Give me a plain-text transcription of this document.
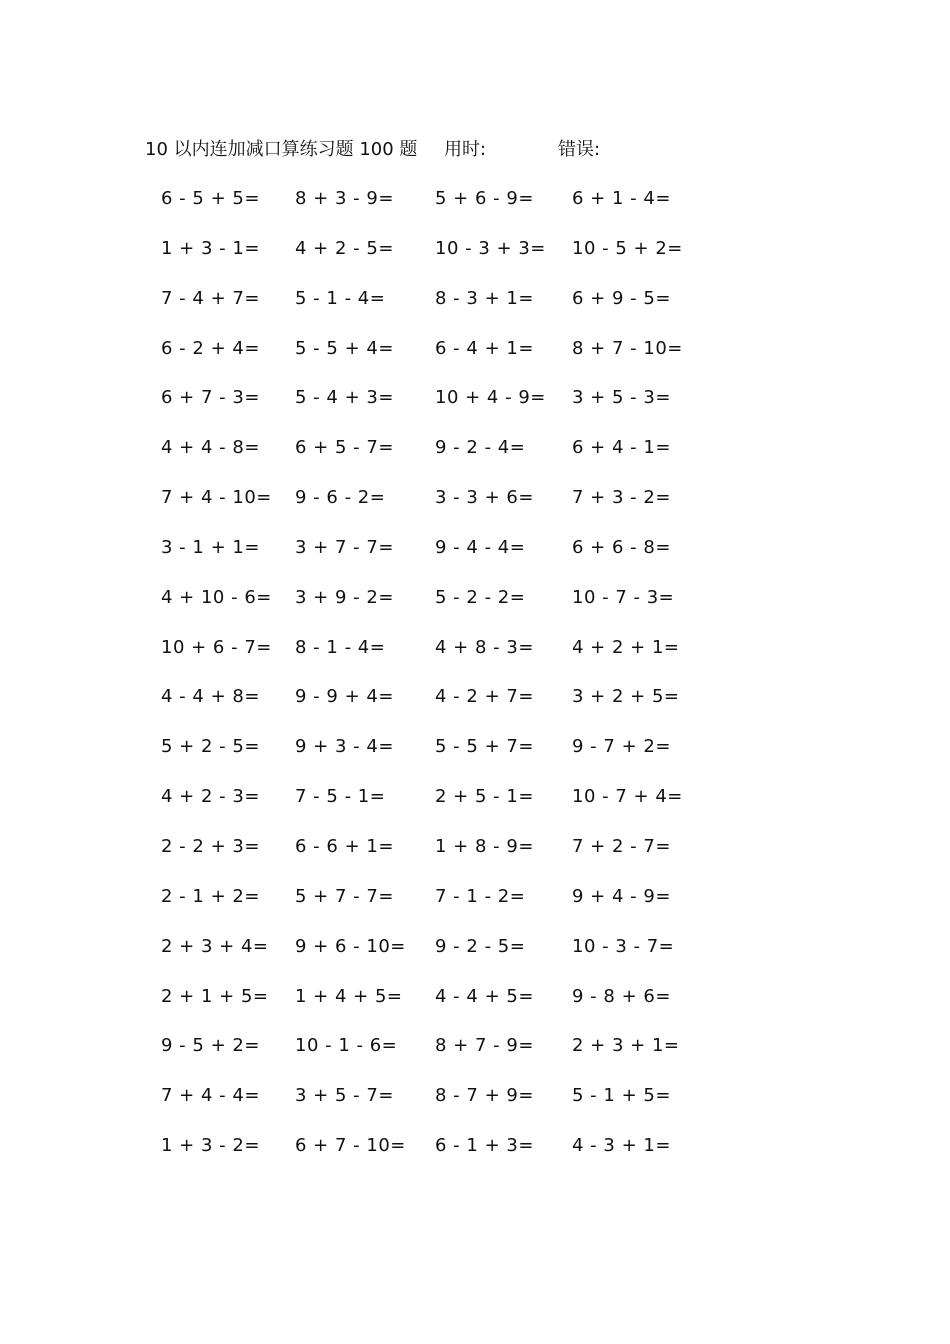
10 以内连加减口算练习题 100 题 用时:	错误:
6 - 5 + 5=	8 + 3 - 9=	5 + 6 - 9=	6 + 1 - 4=
1 + 3 - 1=	4 + 2 - 5=	10 - 3 + 3=	10 - 5 + 2=
7 - 4 + 7=	5 - 1 - 4=	8 - 3 + 1=	6 + 9 - 5=
6 - 2 + 4=	5 - 5 + 4=	6 - 4 + 1=	8 + 7 - 10=
6 + 7 - 3=	5 - 4 + 3=	10 + 4 - 9=	3 + 5 - 3=
4 + 4 - 8=	6 + 5 - 7=	9 - 2 - 4=	6 + 4 - 1=
7 + 4 - 10=	9 - 6 - 2=	3 - 3 + 6=	7 + 3 - 2=
3 - 1 + 1=	3 + 7 - 7=	9 - 4 - 4=	6 + 6 - 8=
4 + 10 - 6=	3 + 9 - 2=	5 - 2 - 2=	10 - 7 - 3=
10 + 6 - 7=	8 - 1 - 4=	4 + 8 - 3=	4 + 2 + 1=
4 - 4 + 8=	9 - 9 + 4=	4 - 2 + 7=	3 + 2 + 5=
5 + 2 - 5=	9 + 3 - 4=	5 - 5 + 7=	9 - 7 + 2=
4 + 2 - 3=	7 - 5 - 1=	2 + 5 - 1=	10 - 7 + 4=
2 - 2 + 3=	6 - 6 + 1=	1 + 8 - 9=	7 + 2 - 7=
2 - 1 + 2=	5 + 7 - 7=	7 - 1 - 2=	9 + 4 - 9=
2 + 3 + 4=	9 + 6 - 10=	9 - 2 - 5=	10 - 3 - 7=
2 + 1 + 5=	1 + 4 + 5=	4 - 4 + 5=	9 - 8 + 6=
9 - 5 + 2=	10 - 1 - 6=	8 + 7 - 9=	2 + 3 + 1=
7 + 4 - 4=	3 + 5 - 7=	8 - 7 + 9=	5 - 1 + 5=
1 + 3 - 2=	6 + 7 - 10=	6 - 1 + 3=	4 - 3 + 1=
